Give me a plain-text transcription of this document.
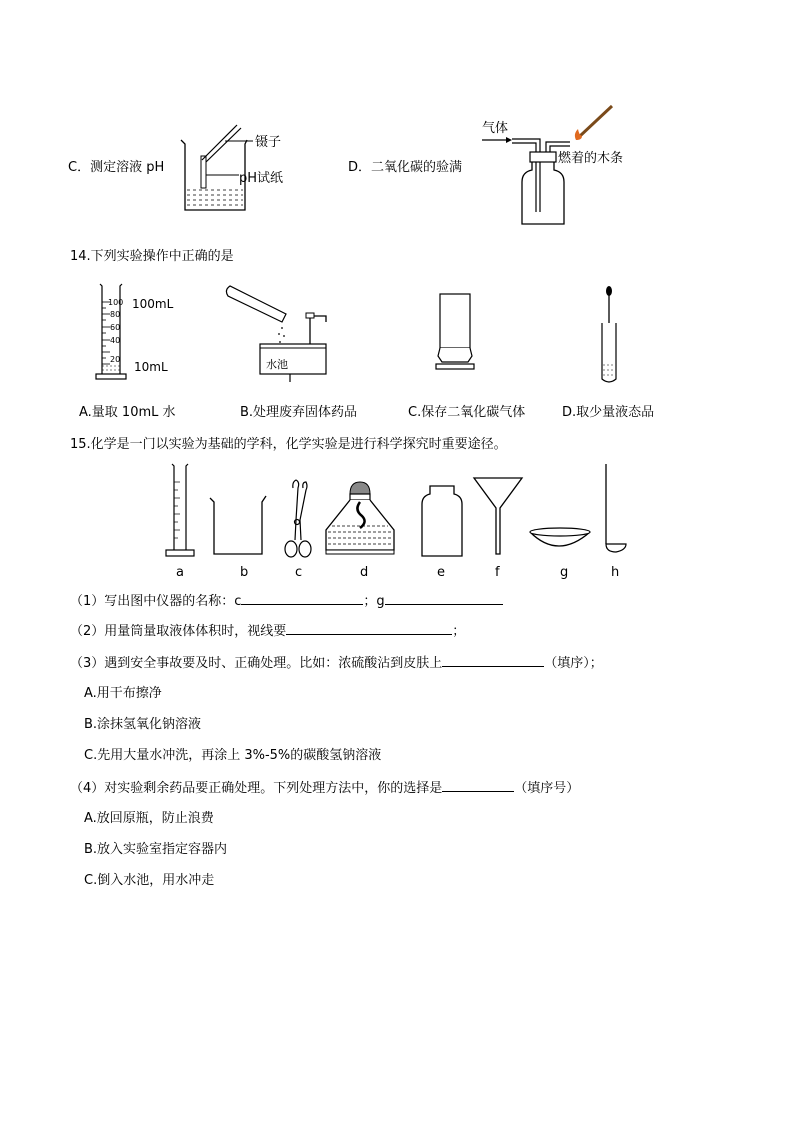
C．测定溶液 pH
镊子
pH试纸
D．二氧化碳的验满
气体
燃着的木条
14.下列实验操作中正确的是
100
80
60
40
20
100mL
10mL	水池
A.量取 10mL 水	B.处理废弃固体药品	C.保存二氧化碳气体	D.取少量液态品
15.化学是一门以实验为基础的学科，化学实验是进行科学探究时重要途径。
a	b	c	d	e	f	g	h
（1）写出图中仪器的名称：c	；g
（2）用量筒量取液体体积时，视线要	；
（3）遇到安全事故要及时、正确处理。比如：浓硫酸沾到皮肤上	（填序）；
A.用干布擦净
B.涂抹氢氧化钠溶液
C.先用大量水冲洗，再涂上 3%-5%的碳酸氢钠溶液
（4）对实验剩余药品要正确处理。下列处理方法中，你的选择是	（填序号）
A.放回原瓶，防止浪费
B.放入实验室指定容器内
C.倒入水池，用水冲走
